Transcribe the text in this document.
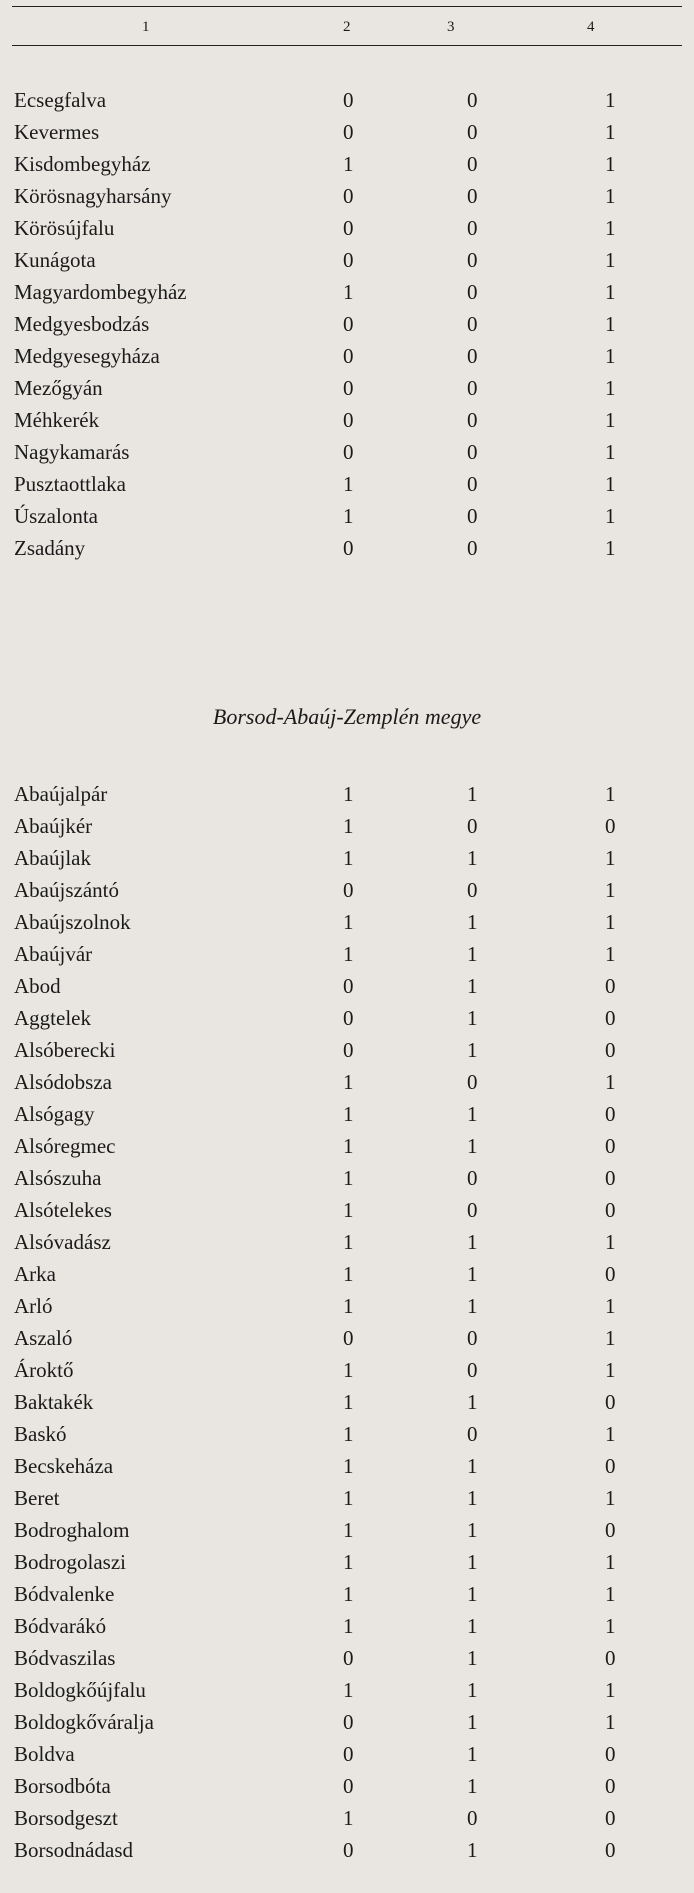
1	2	3	4
Borsod-Abaúj-Zemplén megye
Ecsegfalva	0	0	1
Kevermes	0	0	1
Kisdombegyház	1	0	1
Körösnagyharsány	0	0	1
Körösújfalu	0	0	1
Kunágota	0	0	1
Magyardombegyház	1	0	1
Medgyesbodzás	0	0	1
Medgyesegyháza	0	0	1
Mezőgyán	0	0	1
Méhkerék	0	0	1
Nagykamarás	0	0	1
Pusztaottlaka	1	0	1
Úszalonta	1	0	1
Zsadány	0	0	1
Abaújalpár	1	1	1
Abaújkér	1	0	0
Abaújlak	1	1	1
Abaújszántó	0	0	1
Abaújszolnok	1	1	1
Abaújvár	1	1	1
Abod	0	1	0
Aggtelek	0	1	0
Alsóberecki	0	1	0
Alsódobsza	1	0	1
Alsógagy	1	1	0
Alsóregmec	1	1	0
Alsószuha	1	0	0
Alsótelekes	1	0	0
Alsóvadász	1	1	1
Arka	1	1	0
Arló	1	1	1
Aszaló	0	0	1
Ároktő	1	0	1
Baktakék	1	1	0
Baskó	1	0	1
Becskeháza	1	1	0
Beret	1	1	1
Bodroghalom	1	1	0
Bodrogolaszi	1	1	1
Bódvalenke	1	1	1
Bódvarákó	1	1	1
Bódvaszilas	0	1	0
Boldogkőújfalu	1	1	1
Boldogkőváralja	0	1	1
Boldva	0	1	0
Borsodbóta	0	1	0
Borsodgeszt	1	0	0
Borsodnádasd	0	1	0
